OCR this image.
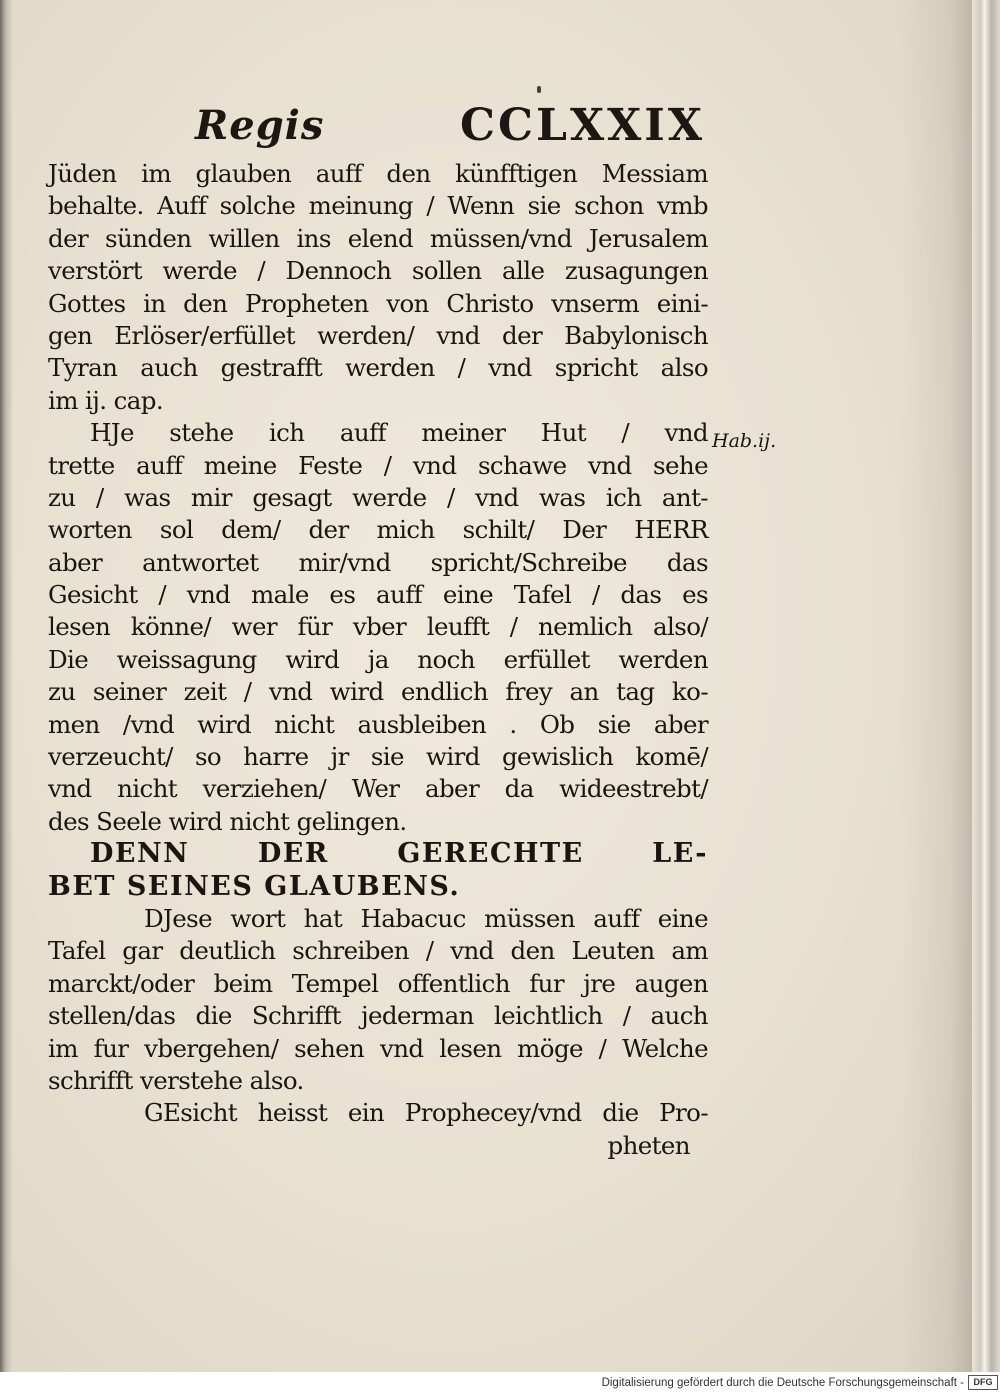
Regis	CCLXXIX
Hab.ij.
Jüden im glauben auff den künfftigen Messiam
behalte. Auff solche meinung / Wenn sie schon vmb
der sünden willen ins elend müssen/vnd Jerusalem
verstört werde / Dennoch sollen alle zusagungen
Gottes in den Propheten von Christo vnserm eini-
gen Erlöser/erfüllet werden/ vnd der Babylonisch
Tyran auch gestrafft werden / vnd spricht also
im ij. cap.
HJe stehe ich auff meiner Hut / vnd
trette auff meine Feste / vnd schawe vnd sehe
zu / was mir gesagt werde / vnd was ich ant-
worten sol dem/ der mich schilt/ Der HERR
aber antwortet mir/vnd spricht/Schreibe das
Gesicht / vnd male es auff eine Tafel / das es
lesen könne/ wer für vber leufft / nemlich also/
Die weissagung wird ja noch erfüllet werden
zu seiner zeit / vnd wird endlich frey an tag ko-
men /vnd wird nicht ausbleiben . Ob sie aber
verzeucht/ so harre jr sie wird gewislich komē/
vnd nicht verziehen/ Wer aber da wideestrebt/
des Seele wird nicht gelingen.
DENN DER GERECHTE LE-
BET SEINES GLAUBENS.
DJese wort hat Habacuc müssen auff eine
Tafel gar deutlich schreiben / vnd den Leuten am
marckt/oder beim Tempel offentlich fur jre augen
stellen/das die Schrifft jederman leichtlich / auch
im fur vbergehen/ sehen vnd lesen möge / Welche
schrifft verstehe also.
GEsicht heisst ein Prophecey/vnd die Pro-
pheten
Digitalisierung gefördert durch die Deutsche Forschungsgemeinschaft -	DFG
